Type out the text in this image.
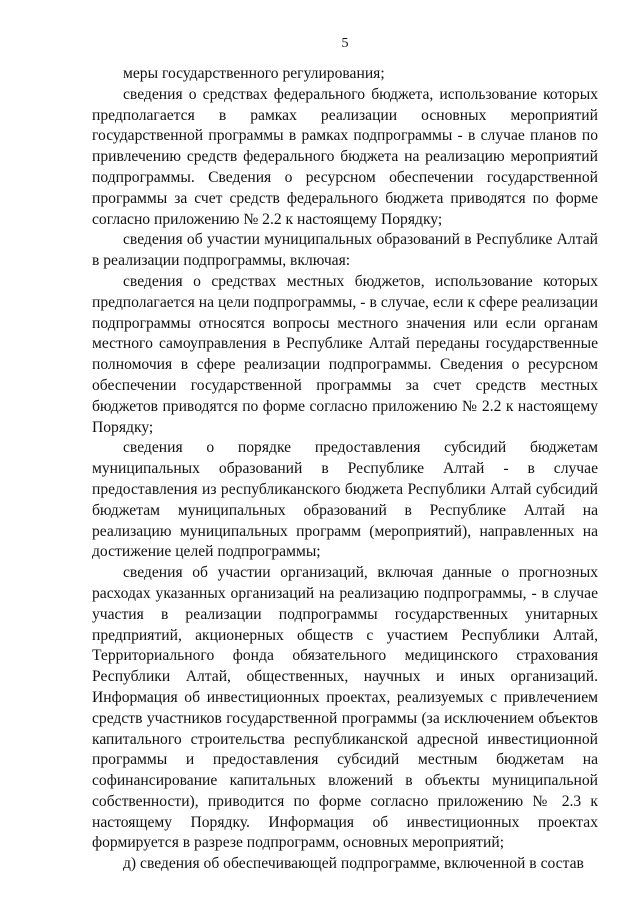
5

меры государственного регулирования;

сведения о средствах федерального бюджета, использование которых предполагается в рамках реализации основных мероприятий государственной программы в рамках подпрограммы - в случае планов по привлечению средств федерального бюджета на реализацию мероприятий подпрограммы. Сведения о ресурсном обеспечении государственной программы за счет средств федерального бюджета приводятся по форме согласно приложению № 2.2 к настоящему Порядку;

сведения об участии муниципальных образований в Республике Алтай в реализации подпрограммы, включая:

сведения о средствах местных бюджетов, использование которых предполагается на цели подпрограммы, - в случае, если к сфере реализации подпрограммы относятся вопросы местного значения или если органам местного самоуправления в Республике Алтай переданы государственные полномочия в сфере реализации подпрограммы. Сведения о ресурсном обеспечении государственной программы за счет средств местных бюджетов приводятся по форме согласно приложению № 2.2 к настоящему Порядку;

сведения о порядке предоставления субсидий бюджетам муниципальных образований в Республике Алтай - в случае предоставления из республиканского бюджета Республики Алтай субсидий бюджетам муниципальных образований в Республике Алтай на реализацию муниципальных программ (мероприятий), направленных на достижение целей подпрограммы;

сведения об участии организаций, включая данные о прогнозных расходах указанных организаций на реализацию подпрограммы, - в случае участия в реализации подпрограммы государственных унитарных предприятий, акционерных обществ с участием Республики Алтай, Территориального фонда обязательного медицинского страхования Республики Алтай, общественных, научных и иных организаций. Информация об инвестиционных проектах, реализуемых с привлечением средств участников государственной программы (за исключением объектов капитального строительства республиканской адресной инвестиционной программы и предоставления субсидий местным бюджетам на софинансирование капитальных вложений в объекты муниципальной собственности), приводится по форме согласно приложению № 2.3 к настоящему Порядку. Информация об инвестиционных проектах формируется в разрезе подпрограмм, основных мероприятий;

д) сведения об обеспечивающей подпрограмме, включенной в состав
